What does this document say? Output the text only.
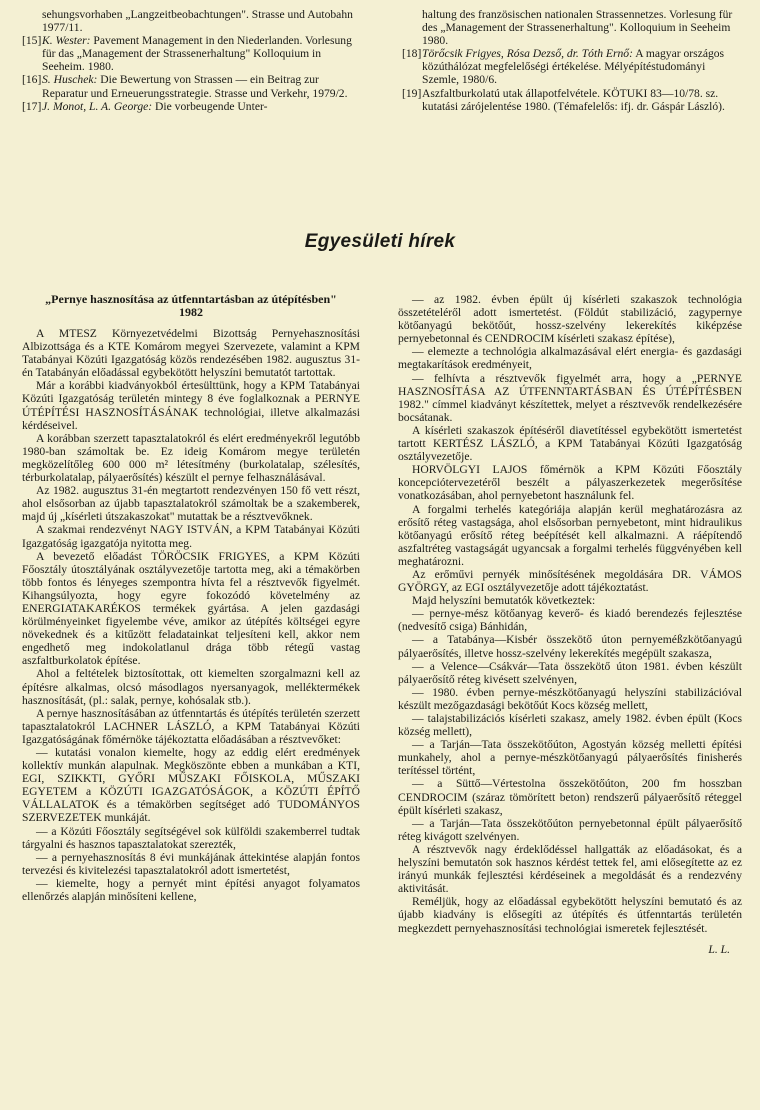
sehungsvorhaben „Langzeitbeobachtungen". Strasse und Autobahn 1977/11.

[15]K. Wester: Pavement Management in den Niederlanden. Vorlesung für das „Management der Strassenerhaltung" Kolloquium in Seeheim. 1980.

[16]S. Huschek: Die Bewertung von Strassen — ein Beitrag zur Reparatur und Erneuerungsstrategie. Strasse und Verkehr, 1979/2.

[17]J. Monot, L. A. George: Die vorbeugende Unter-

haltung des französischen nationalen Strassennetzes. Vorlesung für des „Management der Strassenerhaltung". Kolloquium in Seeheim 1980.

[18]Törőcsik Frigyes, Rósa Dezső, dr. Tóth Ernő: A magyar országos közúthálózat megfelelőségi értékelése. Mélyépítéstudományi Szemle, 1980/6.

[19]Aszfaltburkolatú utak állapotfelvétele. KÖTUKI 83—10/78. sz. kutatási zárójelentése 1980. (Témafelelős: ifj. dr. Gáspár László).

Egyesületi hírek
„Pernye hasznosítása az útfenntartásban az útépítésben" 1982

A MTESZ Környezetvédelmi Bizottság Pernyehasznosítási Albizottsága és a KTE Komárom megyei Szervezete, valamint a KPM Tatabányai Közúti Igazgatóság közös rendezésében 1982. augusztus 31-én Tatabányán előadással egybekötött helyszíni bemutatót tartottak.

Már a korábbi kiadványokból értesülttünk, hogy a KPM Tatabányai Közúti Igazgatóság területén mintegy 8 éve foglalkoznak a PERNYE ÚTÉPÍTÉSI HASZNOSÍTÁSÁNAK technológiai, illetve alkalmazási kérdéseivel.

A korábban szerzett tapasztalatokról és elért eredményekről legutóbb 1980-ban számoltak be. Ez ideig Komárom megye területén megközelítőleg 600 000 m² létesítmény (burkolatalap, szélesítés, térburkolatalap, pályaerősítés) készült el pernye felhasználásával.

Az 1982. augusztus 31-én megtartott rendezvényen 150 fő vett részt, ahol elsősorban az újabb tapasztalatokról számoltak be a szakemberek, majd új „kísérleti útszakaszokat" mutattak be a résztvevőknek.

A szakmai rendezvényt NAGY ISTVÁN, a KPM Tatabányai Közúti Igazgatóság igazgatója nyitotta meg.

A bevezető előadást TÖRÖCSIK FRIGYES, a KPM Közúti Főosztály útosztályának osztályvezetője tartotta meg, aki a témakörben több fontos és lényeges szempontra hívta fel a résztvevők figyelmét. Kihangsúlyozta, hogy egyre fokozódó követelmény az ENERGIATAKARÉKOS termékek gyártása. A jelen gazdasági körülményeinket figyelembe véve, amikor az útépítés költségei egyre növekednek és a kitűzött feladatainkat teljesíteni kell, akkor nem engedhető meg indokolatlanul drága több rétegű vastag aszfaltburkolatok építése.

Ahol a feltételek biztosítottak, ott kiemelten szorgalmazni kell az építésre alkalmas, olcsó másodlagos nyersanyagok, melléktermékek hasznosítását, (pl.: salak, pernye, kohósalak stb.).

A pernye hasznosításában az útfenntartás és útépítés területén szerzett tapasztalatokról LACHNER LÁSZLÓ, a KPM Tatabányai Közúti Igazgatóságának főmérnöke tájékoztatta előadásában a résztvevőket:

— kutatási vonalon kiemelte, hogy az eddig elért eredmények kollektív munkán alapulnak. Megköszönte ebben a munkában a KTI, EGI, SZIKKTI, GYŐRI MŰSZAKI FŐISKOLA, MŰSZAKI EGYETEM a KÖZÚTI IGAZGATÓSÁGOK, a KÖZÚTI ÉPÍTŐ VÁLLALATOK és a témakörben segítséget adó TUDOMÁNYOS SZERVEZETEK munkáját.

— a Közúti Főosztály segítségével sok külföldi szakemberrel tudtak tárgyalni és hasznos tapasztalatokat szerezték,

— a pernyehasznosítás 8 évi munkájának áttekintése alapján fontos tervezési és kivitelezési tapasztalatokról adott ismertetést,

— kiemelte, hogy a pernyét mint építési anyagot folyamatos ellenőrzés alapján minősíteni kellene,

— az 1982. évben épült új kísérleti szakaszok technológia összetételéről adott ismertetést. (Földút stabilizáció, zagypernye kötőanyagú bekötőút, hossz-szelvény lekerekítés kiképzése pernyebetonnal és CENDROCIM kísérleti szakasz építése),

— elemezte a technológia alkalmazásával elért energia- és gazdasági megtakarítások eredményeit,

— felhívta a résztvevők figyelmét arra, hogy a „PERNYE HASZNOSÍTÁSA AZ ÚTFENNTARTÁSBAN ÉS ÚTÉPÍTÉSBEN 1982." címmel kiadványt készítettek, melyet a résztvevők rendelkezésére bocsátanak.

A kísérleti szakaszok építéséről diavetítéssel egybekötött ismertetést tartott KERTÉSZ LÁSZLÓ, a KPM Tatabányai Közúti Igazgatóság osztályvezetője.

HORVÖLGYI LAJOS főmérnök a KPM Közúti Főosztály koncepciótervezetéről beszélt a pályaszerkezetek megerősítése vonatkozásában, ahol pernyebetont használunk fel.

A forgalmi terhelés kategóriája alapján kerül meghatározásra az erősítő réteg vastagsága, ahol elsősorban pernyebetont, mint hidraulikus kötőanyagú erősítő réteg beépítését kell alkalmazni. A ráépítendő aszfaltréteg vastagságát ugyancsak a forgalmi terhelés függvényében kell meghatározni.

Az erőművi pernyék minősítésének megoldására DR. VÁMOS GYÖRGY, az EGI osztályvezetője adott tájékoztatást.

Majd helyszíni bemutatók következtek:

— pernye-mész kötőanyag keverő- és kiadó berendezés fejlesztése (nedvesítő csiga) Bánhidán,

— a Tatabánya—Kisbér összekötő úton pernyeméßzkötőanyagú pályaerősítés, illetve hossz-szelvény lekerekítés megépült szakasza,

— a Velence—Csákvár—Tata összekötő úton 1981. évben készült pályaerősítő réteg kivésett szelvényen,

— 1980. évben pernye-mészkötőanyagú helyszíni stabilizációval készült mezőgazdasági bekötőút Kocs község mellett,

— talajstabilizációs kísérleti szakasz, amely 1982. évben épült (Kocs község mellett),

— a Tarján—Tata összekötőúton, Agostyán község melletti építési munkahely, ahol a pernye-mészkötőanyagú pályaerősítés finisherés terítéssel történt,

— a Süttő—Vértestolna összekötőúton, 200 fm hosszban CENDROCIM (száraz tömörített beton) rendszerű pályaerősítő réteggel épült kísérleti szakasz,

— a Tarján—Tata összekötőúton pernyebetonnal épült pályaerősítő réteg kivágott szelvényen.

A résztvevők nagy érdeklődéssel hallgatták az előadásokat, és a helyszíni bemutatón sok hasznos kérdést tettek fel, ami elősegítette az ez irányú munkák fejlesztési kérdéseinek a megoldását és a rendezvény aktivitását.

Reméljük, hogy az előadással egybekötött helyszíni bemutató és az újabb kiadvány is elősegíti az útépítés és útfenntartás területén megkezdett pernyehasznosítási technológiai ismeretek fejlesztését.

L. L.
